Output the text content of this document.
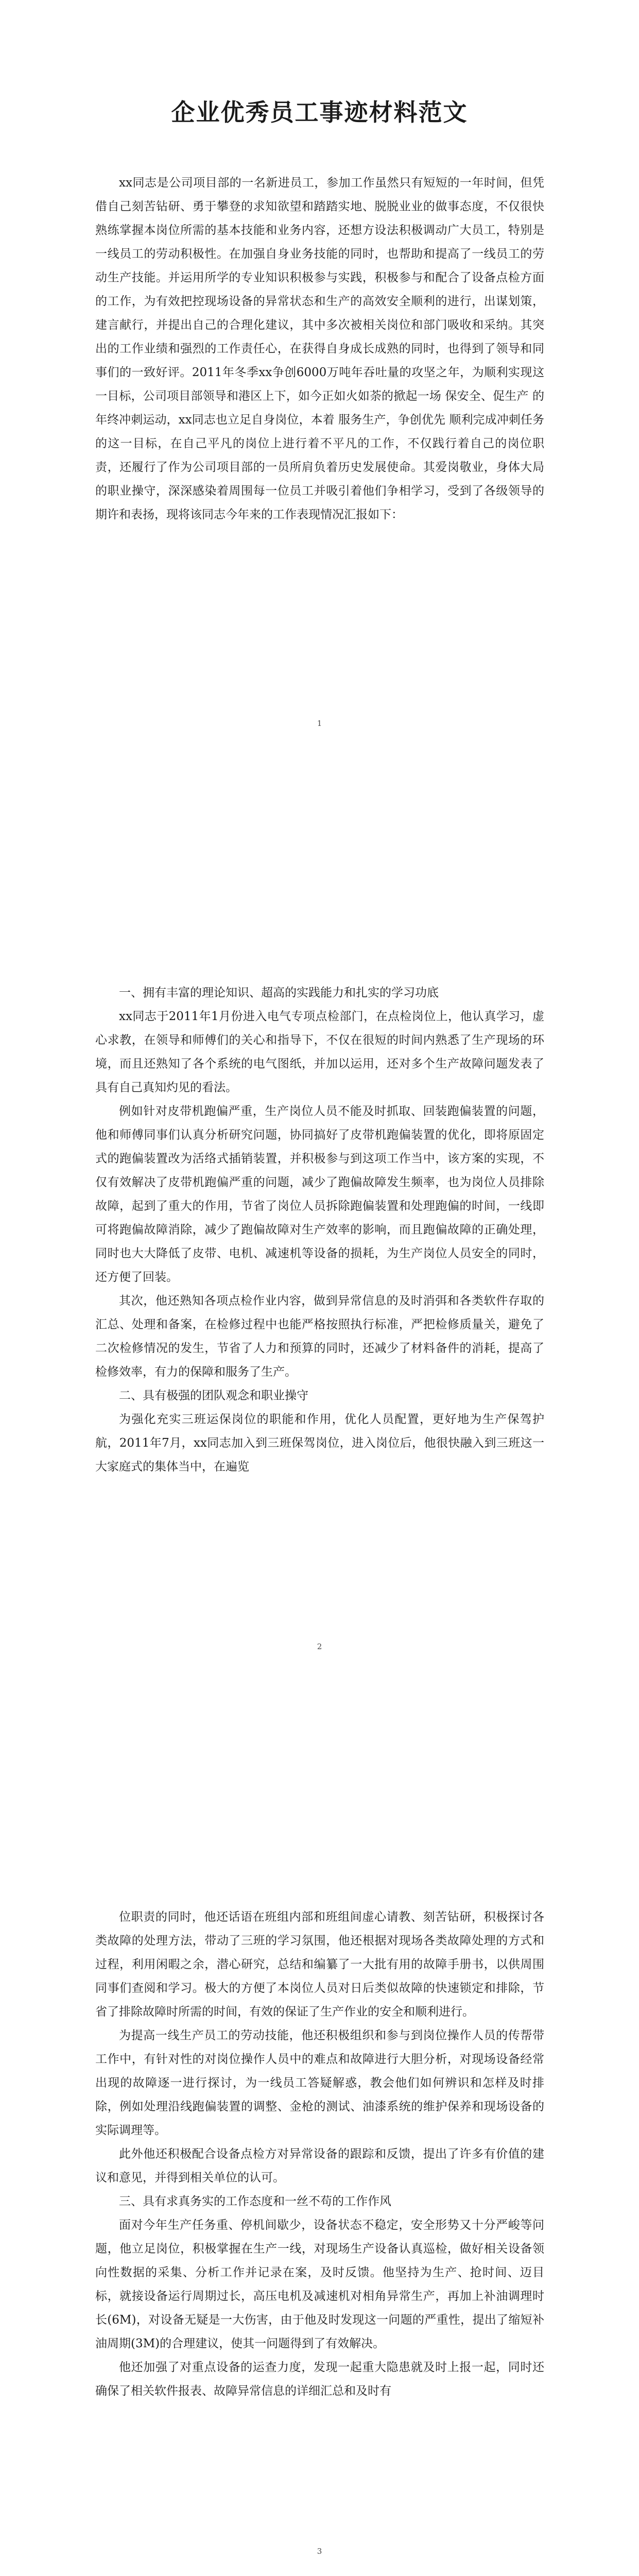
企业优秀员工事迹材料范文

xx同志是公司项目部的一名新进员工，参加工作虽然只有短短的一年时间，但凭借自己刻苦钻研、勇于攀登的求知欲望和踏踏实地、脱脱业业的做事态度，不仅很快熟练掌握本岗位所需的基本技能和业务内容，还想方设法积极调动广大员工，特别是一线员工的劳动积极性。在加强自身业务技能的同时，也帮助和提高了一线员工的劳动生产技能。并运用所学的专业知识积极参与实践，积极参与和配合了设备点检方面的工作，为有效把控现场设备的异常状态和生产的高效安全顺利的进行，出谋划策，建言献行，并提出自己的合理化建议，其中多次被相关岗位和部门吸收和采纳。其突出的工作业绩和强烈的工作责任心，在获得自身成长成熟的同时，也得到了领导和同事们的一致好评。2011年冬季xx争创6000万吨年吞吐量的攻坚之年，为顺利实现这一目标，公司项目部领导和港区上下，如今正如火如荼的掀起一场 保安全、促生产 的年终冲刺运动，xx同志也立足自身岗位，本着 服务生产，争创优先 顺利完成冲刺任务的这一目标，在自己平凡的岗位上进行着不平凡的工作，不仅践行着自己的岗位职责，还履行了作为公司项目部的一员所肩负着历史发展使命。其爱岗敬业，身体大局的职业操守，深深感染着周围每一位员工并吸引着他们争相学习，受到了各级领导的期许和表扬，现将该同志今年来的工作表现情况汇报如下：

1

一、拥有丰富的理论知识、超高的实践能力和扎实的学习功底

xx同志于2011年1月份进入电气专项点检部门，在点检岗位上，他认真学习，虚心求教，在领导和师傅们的关心和指导下，不仅在很短的时间内熟悉了生产现场的环境，而且还熟知了各个系统的电气图纸，并加以运用，还对多个生产故障问题发表了具有自己真知灼见的看法。

例如针对皮带机跑偏严重，生产岗位人员不能及时抓取、回装跑偏装置的问题，他和师傅同事们认真分析研究问题，协同搞好了皮带机跑偏装置的优化，即将原固定式的跑偏装置改为活络式插销装置，并积极参与到这项工作当中，该方案的实现，不仅有效解决了皮带机跑偏严重的问题，减少了跑偏故障发生频率，也为岗位人员排除故障，起到了重大的作用，节省了岗位人员拆除跑偏装置和处理跑偏的时间，一线即可将跑偏故障消除，减少了跑偏故障对生产效率的影响，而且跑偏故障的正确处理，同时也大大降低了皮带、电机、减速机等设备的损耗，为生产岗位人员安全的同时，还方便了回装。

其次，他还熟知各项点检作业内容，做到异常信息的及时消弭和各类软件存取的汇总、处理和备案，在检修过程中也能严格按照执行标准，严把检修质量关，避免了二次检修情况的发生，节省了人力和预算的同时，还减少了材料备件的消耗，提高了检修效率，有力的保障和服务了生产。

二、具有极强的团队观念和职业操守

为强化充实三班运保岗位的职能和作用，优化人员配置，更好地为生产保驾护航，2011年7月，xx同志加入到三班保驾岗位，进入岗位后，他很快融入到三班这一大家庭式的集体当中，在遍览

2

位职责的同时，他还话语在班组内部和班组间虚心请教、刻苦钻研，积极探讨各类故障的处理方法，带动了三班的学习氛围，他还根据对现场各类故障处理的方式和过程，利用闲暇之余，潜心研究，总结和编纂了一大批有用的故障手册书，以供周围同事们查阅和学习。极大的方便了本岗位人员对日后类似故障的快速锁定和排除，节省了排除故障时所需的时间，有效的保证了生产作业的安全和顺利进行。

为提高一线生产员工的劳动技能，他还积极组织和参与到岗位操作人员的传帮带工作中，有针对性的对岗位操作人员中的难点和故障进行大胆分析，对现场设备经常出现的故障逐一进行探讨，为一线员工答疑解惑，教会他们如何辨识和怎样及时排除，例如处理沿线跑偏装置的调整、金枪的测试、油漆系统的维护保养和现场设备的实际调理等。

此外他还积极配合设备点检方对异常设备的跟踪和反馈，提出了许多有价值的建议和意见，并得到相关单位的认可。

三、具有求真务实的工作态度和一丝不苟的工作作风

面对今年生产任务重、停机间歇少，设备状态不稳定，安全形势又十分严峻等问题，他立足岗位，积极掌握在生产一线，对现场生产设备认真巡检，做好相关设备领向性数据的采集、分析工作并记录在案，及时反馈。他坚持为生产、抢时间、迈目标，就接设备运行周期过长，高压电机及减速机对相角异常生产，再加上补油调理时长(6M)，对设备无疑是一大伤害，由于他及时发现这一问题的严重性，提出了缩短补油周期(3M)的合理建议，使其一问题得到了有效解决。

他还加强了对重点设备的运查力度，发现一起重大隐患就及时上报一起，同时还确保了相关软件报表、故障异常信息的详细汇总和及时有

3
